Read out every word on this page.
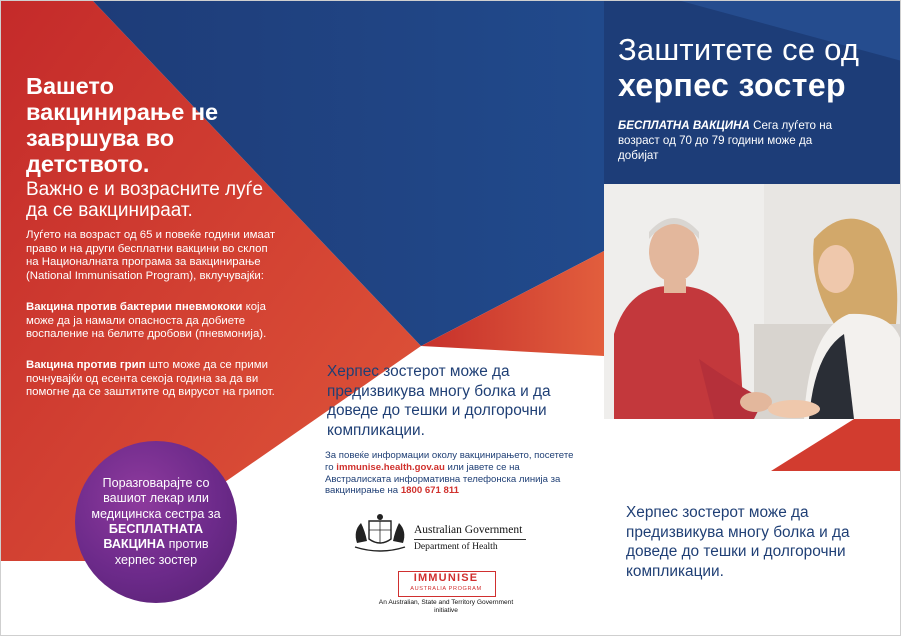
Вашето вакцинирање не завршува во детството.
Важно е и возрасните луѓе да се вакцинираат.
Луѓето на возраст од 65 и повеќе години имаат право и на други бесплатни вакцини во склоп на Националната програма за вакцинирање (National Immunisation Program), вклучувајќи:
Вакцина против бактерии пневмококи која може да ја намали опасноста да добиете воспаление на белите дробови (пневмонија).
Вакцина против грип што може да се прими почнувајќи од есента секоја година за да ви помогне да се заштитите од вирусот на грипот.
Поразговарајте со вашиот лекар или медицинска сестра за БЕСПЛАТНАТА ВАКЦИНА против херпес зостер
Заштитете се од
херпес зостер
БЕСПЛАТНА ВАКЦИНА Сега луѓето на возраст од 70 до 79 години може да добијат
Херпес зостерот може да предизвикува многу болка и да доведе до тешки и долгорочни компликации.
За повеќе информации околу вакцинирањето, посетете го immunise.health.gov.au или јавете се на Австралиската информативна телефонска линија за вакцинирање на 1800 671 811
Australian Government
Department of Health
IMMUNISE
AUSTRALIA PROGRAM
An Australian, State and Territory Government initiative
Херпес зостерот може да предизвикува многу болка и да доведе до тешки и долгорочни компликации.
